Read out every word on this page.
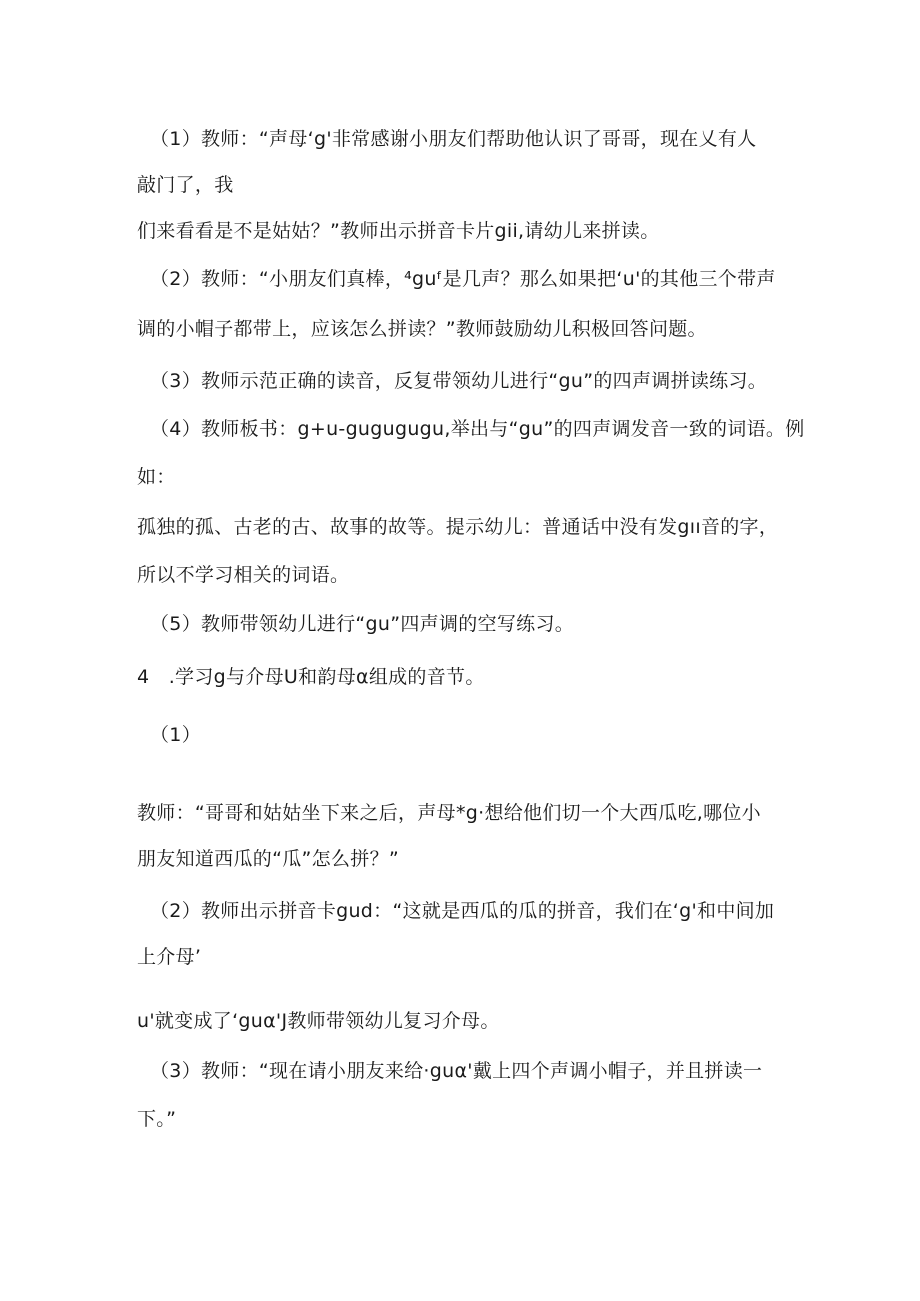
（1）教师：“声母‘g'非常感谢小朋友们帮助他认识了哥哥，现在乂有人
敲门了，我
们来看看是不是姑姑？”教师出示拼音卡片gii,请幼儿来拼读。
（2）教师：“小朋友们真棒，⁴guᶠ是几声？那么如果把‘u'的其他三个带声
调的小帽子都带上，应该怎么拼读？”教师鼓励幼儿积极回答问题。
（3）教师示范正确的读音，反复带领幼儿进行“gu”的四声调拼读练习。
（4）教师板书：g+u-gugugugu,举出与“gu”的四声调发音一致的词语。例
如：
孤独的孤、古老的古、故事的故等。提示幼儿：普通话中没有发gıı音的字，
所以不学习相关的词语。
（5）教师带领幼儿进行“gu”四声调的空写练习。
4　.学习g与介母U和韵母α组成的音节。
（1）
教师：“哥哥和姑姑坐下来之后，声母*g·想给他们切一个大西瓜吃,哪位小
朋友知道西瓜的“瓜”怎么拼？”
（2）教师出示拼音卡gud：“这就是西瓜的瓜的拼音，我们在‘g'和中间加
上介母’
u'就变成了‘guα'J教师带领幼儿复习介母。
（3）教师：“现在请小朋友来给·guα'戴上四个声调小帽子，并且拼读一
下。”
